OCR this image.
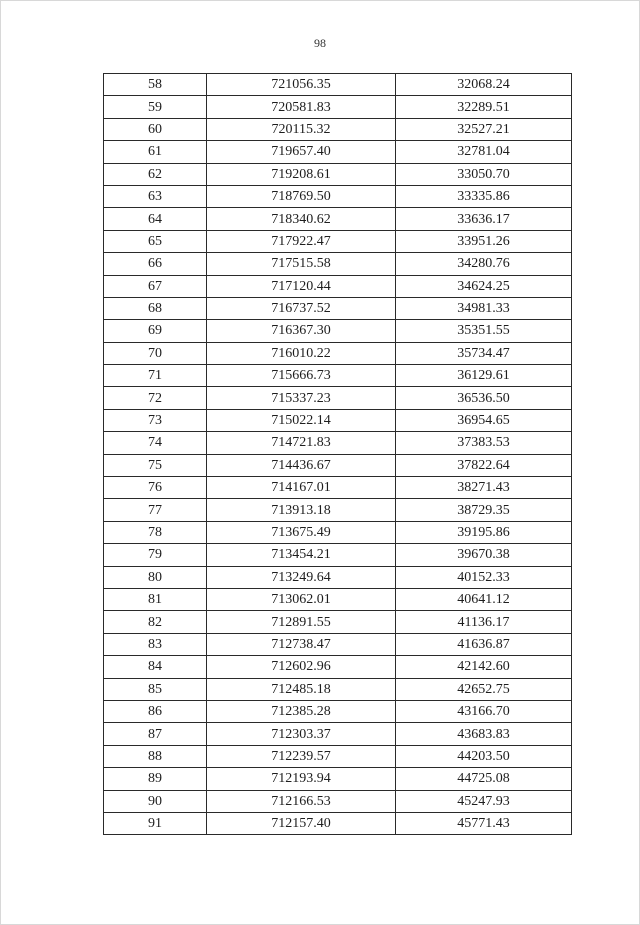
98
58	721056.35	32068.24
59	720581.83	32289.51
60	720115.32	32527.21
61	719657.40	32781.04
62	719208.61	33050.70
63	718769.50	33335.86
64	718340.62	33636.17
65	717922.47	33951.26
66	717515.58	34280.76
67	717120.44	34624.25
68	716737.52	34981.33
69	716367.30	35351.55
70	716010.22	35734.47
71	715666.73	36129.61
72	715337.23	36536.50
73	715022.14	36954.65
74	714721.83	37383.53
75	714436.67	37822.64
76	714167.01	38271.43
77	713913.18	38729.35
78	713675.49	39195.86
79	713454.21	39670.38
80	713249.64	40152.33
81	713062.01	40641.12
82	712891.55	41136.17
83	712738.47	41636.87
84	712602.96	42142.60
85	712485.18	42652.75
86	712385.28	43166.70
87	712303.37	43683.83
88	712239.57	44203.50
89	712193.94	44725.08
90	712166.53	45247.93
91	712157.40	45771.43
